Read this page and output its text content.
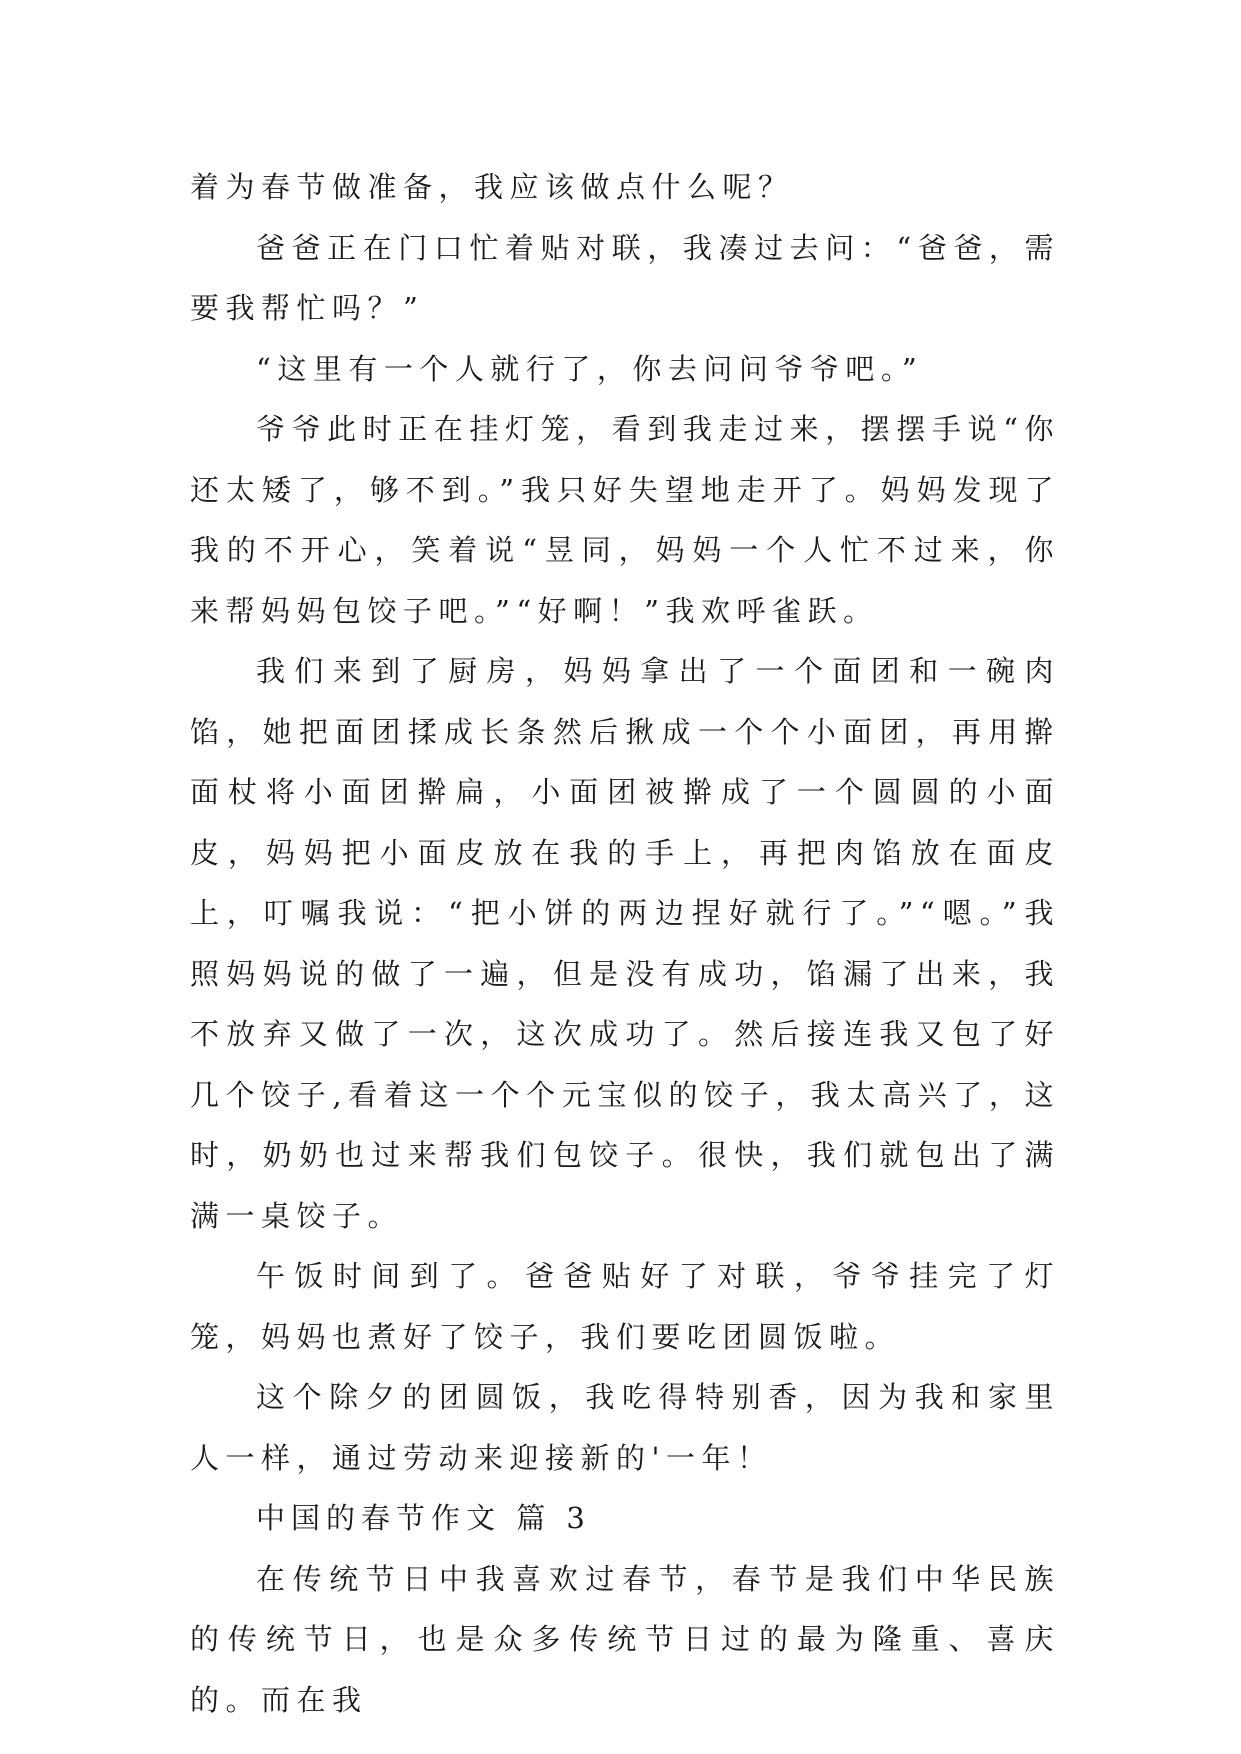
着为春节做准备，我应该做点什么呢？

爸爸正在门口忙着贴对联，我凑过去问：“爸爸，需要我帮忙吗？”

“这里有一个人就行了，你去问问爷爷吧。”

爷爷此时正在挂灯笼，看到我走过来，摆摆手说“你还太矮了，够不到。”我只好失望地走开了。妈妈发现了我的不开心，笑着说“昱同，妈妈一个人忙不过来，你来帮妈妈包饺子吧。”“好啊！”我欢呼雀跃。

我们来到了厨房，妈妈拿出了一个面团和一碗肉馅，她把面团揉成长条然后揪成一个个小面团，再用擀面杖将小面团擀扁，小面团被擀成了一个圆圆的小面皮，妈妈把小面皮放在我的手上，再把肉馅放在面皮上，叮嘱我说：“把小饼的两边捏好就行了。”“嗯。”我照妈妈说的做了一遍，但是没有成功，馅漏了出来，我不放弃又做了一次，这次成功了。然后接连我又包了好几个饺子,看着这一个个元宝似的饺子，我太高兴了，这时，奶奶也过来帮我们包饺子。很快，我们就包出了满满一桌饺子。

午饭时间到了。爸爸贴好了对联，爷爷挂完了灯笼，妈妈也煮好了饺子，我们要吃团圆饭啦。

这个除夕的团圆饭，我吃得特别香，因为我和家里人一样，通过劳动来迎接新的'一年！

中国的春节作文 篇 3

在传统节日中我喜欢过春节，春节是我们中华民族的传统节日，也是众多传统节日过的最为隆重、喜庆的。而在我
